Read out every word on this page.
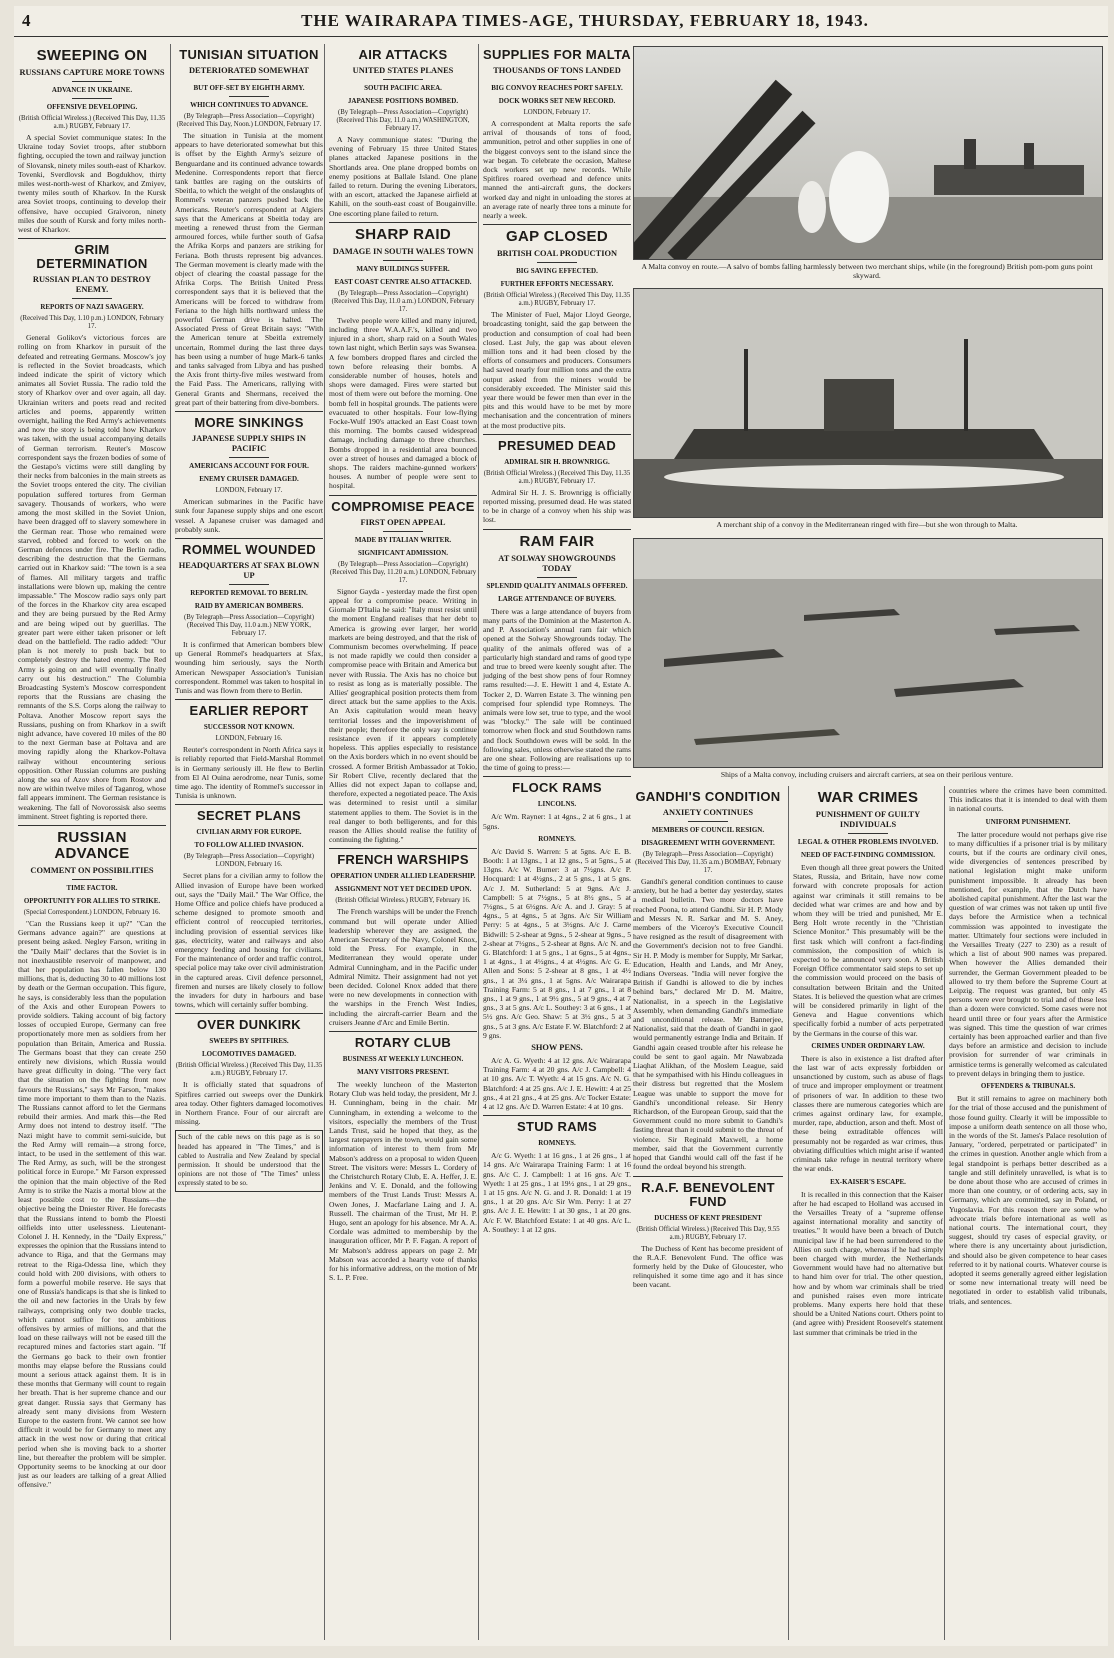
4	THE WAIRARAPA TIMES-AGE, THURSDAY, FEBRUARY 18, 1943.
SWEEPING ON
RUSSIANS CAPTURE MORE TOWNS
ADVANCE IN UKRAINE.
OFFENSIVE DEVELOPING.
(British Official Wireless.) (Received This Day, 11.35 a.m.) RUGBY, February 17.

A special Soviet communique states: In the Ukraine today Soviet troops, after stubborn fighting, occupied the town and railway junction of Slovansk, ninety miles south-east of Kharkov. Tovenki, Sverdlovsk and Bogdukhov, thirty miles west-north-west of Kharkov, and Zmiyev, twenty miles south of Kharkov. In the Kursk area Soviet troops, continuing to develop their offensive, have occupied Graivoron, ninety miles due south of Kursk and forty miles north-west of Kharkov.

GRIM DETERMINATION
RUSSIAN PLAN TO DESTROY ENEMY.
REPORTS OF NAZI SAVAGERY.
(Received This Day, 1.10 p.m.) LONDON, February 17.

General Golikov's victorious forces are rolling on from Kharkov in pursuit of the defeated and retreating Germans. Moscow's joy is reflected in the Soviet broadcasts, which indeed indicate the spirit of victory which animates all Soviet Russia. The radio told the story of Kharkov over and over again, all day. Ukrainian writers and poets read and recited articles and poems, apparently written overnight, hailing the Red Army's achievements and now the story is being told how Kharkov was taken, with the usual accompanying details of German terrorism. Reuter's Moscow correspondent says the frozen bodies of some of the Gestapo's victims were still dangling by their necks from balconies in the main streets as the Soviet troops entered the city. The civilian population suffered tortures from German savagery. Thousands of workers, who were among the most skilled in the Soviet Union, have been dragged off to slavery somewhere in the German rear. Those who remained were starved, robbed and forced to work on the German defences under fire. The Berlin radio, describing the destruction that the Germans carried out in Kharkov said: "The town is a sea of flames. All military targets and traffic installations were blown up, making the centre impassable." The Moscow radio says only part of the forces in the Kharkov city area escaped and they are being pursued by the Red Army and are being wiped out by guerillas. The greater part were either taken prisoner or left dead on the battlefield. The radio added: "Our plan is not merely to push back but to completely destroy the hated enemy. The Red Army is going on and will eventually finally carry out his destruction." The Columbia Broadcasting System's Moscow correspondent reports that the Russians are chasing the remnants of the S.S. Corps along the railway to Poltava. Another Moscow report says the Russians, pushing on from Kharkov in a swift night advance, have covered 10 miles of the 80 to the next German base at Poltava and are moving rapidly along the Kharkov-Poltava railway without encountering serious opposition. Other Russian columns are pushing along the sea of Azov shore from Rostov and now are within twelve miles of Taganrog, whose fall appears imminent. The German resistance is weakening. The fall of Novorossisk also seems imminent. Street fighting is reported there.

RUSSIAN ADVANCE
COMMENT ON POSSIBILITIES
TIME FACTOR.
OPPORTUNITY FOR ALLIES TO STRIKE.
(Special Correspondent.) LONDON, February 16.

"Can the Russians keep it up?" "Can the Germans advance again?" are questions at present being asked. Negley Farson, writing in the "Daily Mail" declares that the Soviet is in not inexhaustible reservoir of manpower, and that her population has fallen below 130 millions, that is, deducting 30 to 40 millions lost by death or the German occupation. This figure, he says, is considerably less than the population of the Axis and other European Powers to provide soldiers. Taking account of big factory losses of occupied Europe, Germany can free proportionately more men as soldiers from her population than Britain, America and Russia. The Germans boast that they can create 250 entirely new divisions, which Russia would have great difficulty in doing. "The very fact that the situation on the fighting front now favours the Russians," says Mr Farson, "makes time more important to them than to the Nazis. The Russians cannot afford to let the Germans rebuild their armies. And mark this—the Red Army does not intend to destroy itself. "The Nazi might have to commit semi-suicide, but the Red Army will remain—a strong force, intact, to be used in the settlement of this war. The Red Army, as such, will be the strongest political force in Europe." Mr Farson expressed the opinion that the main objective of the Red Army is to strike the Nazis a mortal blow at the least possible cost to the Russians—the objective being the Dniester River. He forecasts that the Russians intend to bomb the Ploesti oilfields into utter uselessness. Lieutenant-Colonel J. H. Kennedy, in the "Daily Express," expresses the opinion that the Russians intend to advance to Riga, and that the Germans may retreat to the Riga-Odessa line, which they could hold with 200 divisions, with others to form a powerful mobile reserve. He says that one of Russia's handicaps is that she is linked to the oil and new factories in the Urals by few railways, comprising only two double tracks, which cannot suffice for too ambitious offensives by armies of millions, and that the load on these railways will not be eased till the recaptured mines and factories start again. "If the Germans go back to their own frontier months may elapse before the Russians could mount a serious attack against them. It is in these months that Germany will count to regain her breath. That is her supreme chance and our great danger. Russia says that Germany has already sent many divisions from Western Europe to the eastern front. We cannot see how difficult it would be for Germany to meet any attack in the west now or during that critical period when she is moving back to a shorter line, but thereafter the problem will be simpler. Opportunity seems to be knocking at our door just as our leaders are talking of a great Allied offensive."

TUNISIAN SITUATION
DETERIORATED SOMEWHAT
BUT OFF-SET BY EIGHTH ARMY.
WHICH CONTINUES TO ADVANCE.
(By Telegraph—Press Association—Copyright) (Received This Day, Noon.) LONDON, February 17.

The situation in Tunisia at the moment appears to have deteriorated somewhat but this is offset by the Eighth Army's seizure of Benguardane and its continued advance towards Medenine. Correspondents report that fierce tank battles are raging on the outskirts of Sbeitla, to which the weight of the onslaughts of Rommel's veteran panzers pushed back the Americans. Reuter's correspondent at Algiers says that the Americans at Sbeitla today are meeting a renewed thrust from the German armoured forces, while further south of Gafsa the Afrika Korps and panzers are striking for Feriana. Both thrusts represent big advances. The German movement is clearly made with the object of clearing the coastal passage for the Afrika Corps. The British United Press correspondent says that it is believed that the Americans will be forced to withdraw from Feriana to the high hills northward unless the powerful German drive is halted. The Associated Press of Great Britain says: "With the American tenure at Sbeitla extremely uncertain, Rommel during the last three days has been using a number of huge Mark-6 tanks and tanks salvaged from Libya and has pushed the Axis front thirty-five miles westward from the Faid Pass. The Americans, rallying with General Grants and Shermans, received the great part of their battering from dive-bombers.

MORE SINKINGS
JAPANESE SUPPLY SHIPS IN PACIFIC
AMERICANS ACCOUNT FOR FOUR.
ENEMY CRUISER DAMAGED.
LONDON, February 17.

American submarines in the Pacific have sunk four Japanese supply ships and one escort vessel. A Japanese cruiser was damaged and probably sunk.

ROMMEL WOUNDED
HEADQUARTERS AT SFAX BLOWN UP
REPORTED REMOVAL TO BERLIN.
RAID BY AMERICAN BOMBERS.
(By Telegraph—Press Association—Copyright) (Received This Day, 11.0 a.m.) NEW YORK, February 17.

It is confirmed that American bombers blew up General Rommel's headquarters at Sfax, wounding him seriously, says the North American Newspaper Association's Tunisian correspondent. Rommel was taken to hospital in Tunis and was flown from there to Berlin.

EARLIER REPORT
SUCCESSOR NOT KNOWN.
LONDON, February 16.

Reuter's correspondent in North Africa says it is reliably reported that Field-Marshal Rommel is in Germany seriously ill. He flew to Berlin from El Al Ouina aerodrome, near Tunis, some time ago. The identity of Rommel's successor in Tunisia is unknown.

SECRET PLANS
CIVILIAN ARMY FOR EUROPE.
TO FOLLOW ALLIED INVASION.
(By Telegraph—Press Association—Copyright) LONDON, February 16.

Secret plans for a civilian army to follow the Allied invasion of Europe have been worked out, says the "Daily Mail." The War Office, the Home Office and police chiefs have produced a scheme designed to promote smooth and efficient control of reoccupied territories, including provision of essential services like gas, electricity, water and railways and also emergency feeding and housing for civilians. For the maintenance of order and traffic control, special police may take over civil administration in the captured areas. Civil defence personnel, firemen and nurses are likely closely to follow the invaders for duty in harbours and base towns, which will certainly suffer bombing.

OVER DUNKIRK
SWEEPS BY SPITFIRES.
LOCOMOTIVES DAMAGED.
(British Official Wireless.) (Received This Day, 11.35 a.m.) RUGBY, February 17.

It is officially stated that squadrons of Spitfires carried out sweeps over the Dunkirk area today. Other fighters damaged locomotives in Northern France. Four of our aircraft are missing.

Such of the cable news on this page as is so headed has appeared in "The Times," and is cabled to Australia and New Zealand by special permission. It should be understood that the opinions are not those of "The Times" unless expressly stated to be so.
AIR ATTACKS
UNITED STATES PLANES
SOUTH PACIFIC AREA.
JAPANESE POSITIONS BOMBED.
(By Telegraph—Press Association—Copyright) (Received This Day, 11.0 a.m.) WASHINGTON, February 17.

A Navy communique states: "During the evening of February 15 three United States planes attacked Japanese positions in the Shortlands area. One plane dropped bombs on enemy positions at Ballale Island. One plane failed to return. During the evening Liberators, with an escort, attacked the Japanese airfield at Kahili, on the south-east coast of Bougainville. One escorting plane failed to return.

SHARP RAID
DAMAGE IN SOUTH WALES TOWN
MANY BUILDINGS SUFFER.
EAST COAST CENTRE ALSO ATTACKED.
(By Telegraph—Press Association—Copyright) (Received This Day, 11.0 a.m.) LONDON, February 17.

Twelve people were killed and many injured, including three W.A.A.F.'s, killed and two injured in a short, sharp raid on a South Wales town last night, which Berlin says was Swansea. A few bombers dropped flares and circled the town before releasing their bombs. A considerable number of houses, hotels and shops were damaged. Fires were started but most of them were out before the morning. One bomb fell in hospital grounds. The patients were evacuated to other hospitals. Four low-flying Focke-Wulf 190's attacked an East Coast town this morning. The bombs caused widespread damage, including damage to three churches. Bombs dropped in a residential area bounced over a street of houses and damaged a block of shops. The raiders machine-gunned workers' houses. A number of people were sent to hospital.

COMPROMISE PEACE
FIRST OPEN APPEAL
MADE BY ITALIAN WRITER.
SIGNIFICANT ADMISSION.
(By Telegraph—Press Association—Copyright) (Received This Day, 11.20 a.m.) LONDON, February 17.

Signor Gayda - yesterday made the first open appeal for a compromise peace. Writing in Giornale D'Italia he said: "Italy must resist until the moment England realises that her debt to America is growing ever larger, her world markets are being destroyed, and that the risk of Communism becomes overwhelming. If peace is not made rapidly we could then consider a compromise peace with Britain and America but never with Russia. The Axis has no choice but to resist as long as is materially possible. The Allies' geographical position protects them from direct attack but the same applies to the Axis. An Axis capitulation would mean heavy territorial losses and the impoverishment of their people; therefore the only way is continue resistance even if it appears completely hopeless. This applies especially to resistance on the Axis borders which in no event should be crossed. A former British Ambassador at Tokio, Sir Robert Clive, recently declared that the Allies did not expect Japan to collapse and, therefore, expected a negotiated peace. The Axis was determined to resist until a similar statement applies to them. The Soviet is in the real danger to both belligerents, and for this reason the Allies should realise the futility of continuing the fighting."

FRENCH WARSHIPS
OPERATION UNDER ALLIED LEADERSHIP.
ASSIGNMENT NOT YET DECIDED UPON.
(British Official Wireless.) RUGBY, February 16.

The French warships will be under the French command but will operate under Allied leadership wherever they are assigned, the American Secretary of the Navy, Colonel Knox, told the Press. For example, in the Mediterranean they would operate under Admiral Cunningham, and in the Pacific under Admiral Nimitz. Their assignment had not yet been decided. Colonel Knox added that there were no new developments in connection with the warships in the French West Indies, including the aircraft-carrier Bearn and the cruisers Jeanne d'Arc and Emile Bertin.

ROTARY CLUB
BUSINESS AT WEEKLY LUNCHEON.
MANY VISITORS PRESENT.

The weekly luncheon of the Masterton Rotary Club was held today, the president, Mr J. H. Cunningham, being in the chair. Mr Cunningham, in extending a welcome to the visitors, especially the members of the Trust Lands Trust, said he hoped that they, as the largest ratepayers in the town, would gain some information of interest to them from Mr Mabson's address on a proposal to widen Queen Street. The visitors were: Messrs L. Cordery of the Christchurch Rotary Club, E. A. Heffer, J. E. Jenkins and V. E. Donald, and the following members of the Trust Lands Trust: Messrs A. Owen Jones, J. Macfarlane Laing and J. A. Russell. The chairman of the Trust, Mr H. P. Hugo, sent an apology for his absence. Mr A. A. Cordale was admitted to membership by the inauguration officer, Mr P. F. Fagan. A report of Mr Mabson's address appears on page 2. Mr Mabson was accorded a hearty vote of thanks for his informative address, on the motion of Mr S. L. P. Free.

SUPPLIES FOR MALTA
THOUSANDS OF TONS LANDED
BIG CONVOY REACHES PORT SAFELY.
DOCK WORKS SET NEW RECORD.
LONDON, February 17.

A correspondent at Malta reports the safe arrival of thousands of tons of food, ammunition, petrol and other supplies in one of the biggest convoys sent to the island since the war began. To celebrate the occasion, Maltese dock workers set up new records. While Spitfires roared overhead and defence units manned the anti-aircraft guns, the dockers worked day and night in unloading the stores at an average rate of nearly three tons a minute for nearly a week.

GAP CLOSED
BRITISH COAL PRODUCTION
BIG SAVING EFFECTED.
FURTHER EFFORTS NECESSARY.
(British Official Wireless.) (Received This Day, 11.35 a.m.) RUGBY, February 17.

The Minister of Fuel, Major Lloyd George, broadcasting tonight, said the gap between the production and consumption of coal had been closed. Last July, the gap was about eleven million tons and it had been closed by the efforts of consumers and producers. Consumers had saved nearly four million tons and the extra output asked from the miners would be considerably exceeded. The Minister said this year there would be fewer men than ever in the pits and this would have to be met by more mechanisation and the concentration of miners at the most productive pits.

PRESUMED DEAD
ADMIRAL SIR H. BROWNRIGG.
(British Official Wireless.) (Received This Day, 11.35 a.m.) RUGBY, February 17.

Admiral Sir H. J. S. Brownrigg is officially reported missing, presumed dead. He was stated to be in charge of a convoy when his ship was lost.

RAM FAIR
AT SOLWAY SHOWGROUNDS TODAY
SPLENDID QUALITY ANIMALS OFFERED.
LARGE ATTENDANCE OF BUYERS.

There was a large attendance of buyers from many parts of the Dominion at the Masterton A. and P. Association's annual ram fair which opened at the Solway Showgrounds today. The quality of the animals offered was of a particularly high standard and rams of good type and true to breed were keenly sought after. The judging of the best show pens of four Romney rams resulted:—J. E. Hewitt 1 and 4, Estate A. Tocker 2, D. Warren Estate 3. The winning pen comprised four splendid type Romneys. The animals were low set, true to type, and the wool was "blocky." The sale will be continued tomorrow when flock and stud Southdown rams and flock Southdown ewes will be sold. In the following sales, unless otherwise stated the rams are one shear. Following are realisations up to the time of going to press:—

FLOCK RAMS
LINCOLNS.

A/c Wm. Rayner: 1 at 4gns., 2 at 6 gns., 1 at 5gns.

ROMNEYS.

A/c David S. Warren: 5 at 5gns. A/c E. B. Booth: 1 at 13gns., 1 at 12 gns., 5 at 5gns., 5 at 13gns. A/c W. Burner: 3 at 7½gns. A/c P. Hocquard: 1 at 4½gns., 2 at 5 gns., 1 at 5 gns. A/c J. M. Sutherland: 5 at 9gns. A/c J. Campbell: 5 at 7½gns., 5 at 8½ gns., 5 at 7½gns., 5 at 6½gns. A/c A. and J. Gray: 5 at 4gns., 5 at 4gns., 5 at 3gns. A/c Sir William Perry: 5 at 4gns., 5 at 3½gns. A/c J. Carne Bidwill: 5 2-shear at 9gns., 5 2-shear at 9gns., 5 2-shear at 7½gns., 5 2-shear at 8gns. A/c N. and G. Blatchford: 1 at 5 gns., 1 at 6gns., 5 at 4gns., 1 at 4gns., 1 at 4½gns., 4 at 4½gns. A/c G. E. Allen and Sons: 5 2-shear at 8 gns., 1 at 4½ gns., 1 at 3¼ gns., 1 at 5gns. A/c Wairarapa Training Farm: 5 at 8 gns., 1 at 7 gns., 1 at 8 gns., 1 at 9 gns., 1 at 9½ gns., 5 at 9 gns., 4 at 7 gns., 3 at 5 gns. A/c L. Southey: 3 at 6 gns., 1 at 5½ gns. A/c Geo. Shaw: 5 at 3½ gns., 5 at 3 gns., 5 at 3 gns. A/c Estate F. W. Blatchford: 2 at 9 gns.

SHOW PENS.

A/c A. G. Wyeth: 4 at 12 gns. A/c Wairarapa Training Farm: 4 at 20 gns. A/c J. Campbell: 4 at 10 gns. A/c T. Wyeth: 4 at 15 gns. A/c N. G. Blatchford: 4 at 25 gns. A/c J. E. Hewitt: 4 at 25 gns., 4 at 21 gns., 4 at 25 gns. A/c Tocker Estate: 4 at 12 gns. A/c D. Warren Estate: 4 at 10 gns.

STUD RAMS
ROMNEYS.

A/c G. Wyeth: 1 at 16 gns., 1 at 26 gns., 1 at 14 gns. A/c Wairarapa Training Farm: 1 at 16 gns. A/c C. J. Campbell: 1 at 16 gns. A/c T. Wyeth: 1 at 25 gns., 1 at 19½ gns., 1 at 29 gns., 1 at 15 gns. A/c N. G. and J. R. Donald: 1 at 19 gns., 1 at 20 gns. A/c Sir Wm. Perry: 1 at 27 gns. A/c J. E. Hewitt: 1 at 30 gns., 1 at 20 gns. A/c F. W. Blatchford Estate: 1 at 40 gns. A/c L. A. Southey: 1 at 12 gns.

A Malta convoy en route.—A salvo of bombs falling harmlessly between two merchant ships, while (in the foreground) British pom-pom guns point skyward.
A merchant ship of a convoy in the Mediterranean ringed with fire—but she won through to Malta.
Ships of a Malta convoy, including cruisers and aircraft carriers, at sea on their perilous venture.
GANDHI'S CONDITION
ANXIETY CONTINUES
MEMBERS OF COUNCIL RESIGN.
DISAGREEMENT WITH GOVERNMENT.
(By Telegraph—Press Association—Copyright) (Received This Day, 11.35 a.m.) BOMBAY, February 17.

Gandhi's general condition continues to cause anxiety, but he had a better day yesterday, states a medical bulletin. Two more doctors have reached Poona, to attend Gandhi. Sir H. P. Mody and Messrs N. R. Sarkar and M. S. Aney, members of the Viceroy's Executive Council have resigned as the result of disagreement with the Government's decision not to free Gandhi. Sir H. P. Mody is member for Supply, Mr Sarkar, Education, Health and Lands, and Mr Aney, Indians Overseas. "India will never forgive the British if Gandhi is allowed to die by inches behind bars," declared Mr D. M. Maitre, Nationalist, in a speech in the Legislative Assembly, when demanding Gandhi's immediate and unconditional release. Mr Bannerjee, Nationalist, said that the death of Gandhi in gaol would permanently estrange India and Britain. If Gandhi again ceased trouble after his release he could be sent to gaol again. Mr Nawabzada Liaqhat Alikhan, of the Moslem League, said that he sympathised with his Hindu colleagues in their distress but regretted that the Moslem League was unable to support the move for Gandhi's unconditional release. Sir Henry Richardson, of the European Group, said that the Government could no more submit to Gandhi's fasting threat than it could submit to the threat of violence. Sir Reginald Maxwell, a home member, said that the Government currently hoped that Gandhi would call off the fast if he found the ordeal beyond his strength.

R.A.F. BENEVOLENT FUND
DUCHESS OF KENT PRESIDENT
(British Official Wireless.) (Received This Day, 9.55 a.m.) RUGBY, February 17.

The Duchess of Kent has become president of the R.A.F. Benevolent Fund. The office was formerly held by the Duke of Gloucester, who relinquished it some time ago and it has since been vacant.

WAR CRIMES
PUNISHMENT OF GUILTY INDIVIDUALS
LEGAL & OTHER PROBLEMS INVOLVED.
NEED OF FACT-FINDING COMMISSION.

Even though all three great powers the United States, Russia, and Britain, have now come forward with concrete proposals for action against war criminals it still remains to be decided what war crimes are and how and by whom they will be tried and punished, Mr E. Berg Holt wrote recently in the "Christian Science Monitor." This presumably will be the first task which will confront a fact-finding commission, the composition of which is expected to be announced very soon. A British Foreign Office commentator said steps to set up the commission would proceed on the basis of consultation between Britain and the United States. It is believed the question what are crimes will be considered primarily in light of the Geneva and Hague conventions which specifically forbid a number of acts perpetrated by the Germans in the course of this war.

CRIMES UNDER ORDINARY LAW.

There is also in existence a list drafted after the last war of acts expressly forbidden or unsanctioned by custom, such as abuse of flags of truce and improper employment or treatment of prisoners of war. In addition to these two classes there are numerous categories which are crimes against ordinary law, for example, murder, rape, abduction, arson and theft. Most of these being extraditable offences will presumably not be regarded as war crimes, thus obviating difficulties which might arise if wanted criminals take refuge in neutral territory where the war ends.

EX-KAISER'S ESCAPE.

It is recalled in this connection that the Kaiser after he had escaped to Holland was accused in the Versailles Treaty of a "supreme offense against international morality and sanctity of treaties." It would have been a breach of Dutch municipal law if he had been surrendered to the Allies on such charge, whereas if he had simply been charged with murder, the Netherlands Government would have had no alternative but to hand him over for trial. The other question, how and by whom war criminals shall be tried and punished raises even more intricate problems. Many experts here hold that these should be a United Nations court. Others point to (and agree with) President Roosevelt's statement last summer that criminals be tried in the

countries where the crimes have been committed. This indicates that it is intended to deal with them in national courts.

UNIFORM PUNISHMENT.

The latter procedure would not perhaps give rise to many difficulties if a prisoner trial is by military courts, but if the courts are ordinary civil ones, wide divergencies of sentences prescribed by national legislation might make uniform punishment impossible. It already has been mentioned, for example, that the Dutch have abolished capital punishment. After the last war the question of war crimes was not taken up until five days before the Armistice when a technical commission was appointed to investigate the matter. Ultimately four sections were included in the Versailles Treaty (227 to 230) as a result of which a list of about 900 names was prepared. When however the Allies demanded their surrender, the German Government pleaded to be allowed to try them before the Supreme Court at Leipzig. The request was granted, but only 45 persons were ever brought to trial and of these less than a dozen were convicted. Some cases were not heard until three or four years after the Armistice was signed. This time the question of war crimes certainly has been approached earlier and than five days before an armistice and decision to include provision for surrender of war criminals in armistice terms is generally welcomed as calculated to prevent delays in bringing them to justice.

OFFENDERS & TRIBUNALS.

But it still remains to agree on machinery both for the trial of those accused and the punishment of those found guilty. Clearly it will be impossible to impose a uniform death sentence on all those who, in the words of the St. James's Palace resolution of January, "ordered, perpetrated or participated" in the crimes in question. Another angle which from a legal standpoint is perhaps better described as a tangle and still definitely unravelled, is what is to be done about those who are accused of crimes in more than one country, or of ordering acts, say in Germany, which are committed, say in Poland, or Yugoslavia. For this reason there are some who advocate trials before international as well as national courts. The international court, they suggest, should try cases of especial gravity, or where there is any uncertainty about jurisdiction, and should also be given competence to hear cases referred to it by national courts. Whatever course is adopted it seems generally agreed either legislation or some new international treaty will need be negotiated in order to establish valid tribunals, trials, and sentences.
